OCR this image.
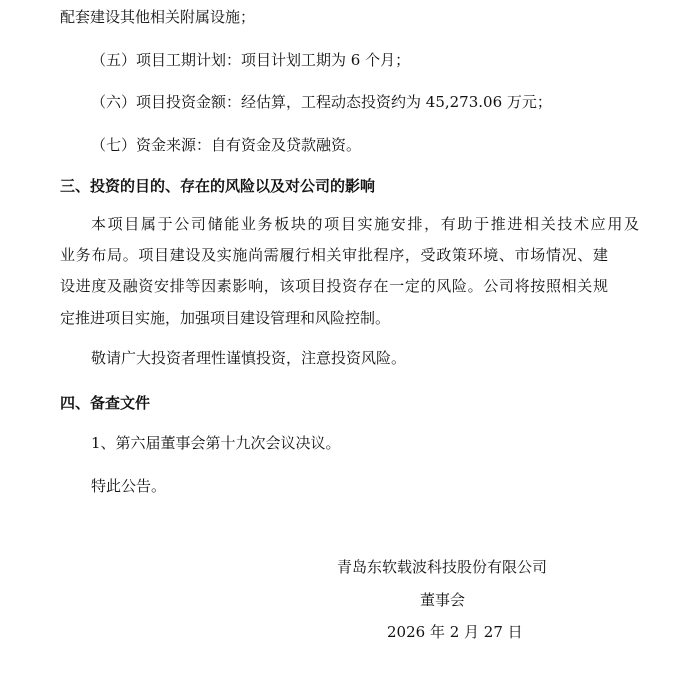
配套建设其他相关附属设施；
（五）项目工期计划：项目计划工期为 6 个月；
（六）项目投资金额：经估算，工程动态投资约为 45,273.06 万元；
（七）资金来源：自有资金及贷款融资。
三、投资的目的、存在的风险以及对公司的影响
本项目属于公司储能业务板块的项目实施安排，有助于推进相关技术应用及
业务布局。项目建设及实施尚需履行相关审批程序，受政策环境、市场情况、建
设进度及融资安排等因素影响，该项目投资存在一定的风险。公司将按照相关规
定推进项目实施，加强项目建设管理和风险控制。
敬请广大投资者理性谨慎投资，注意投资风险。
四、备查文件
1、第六届董事会第十九次会议决议。
特此公告。
青岛东软载波科技股份有限公司
董事会
2026 年 2 月 27 日
